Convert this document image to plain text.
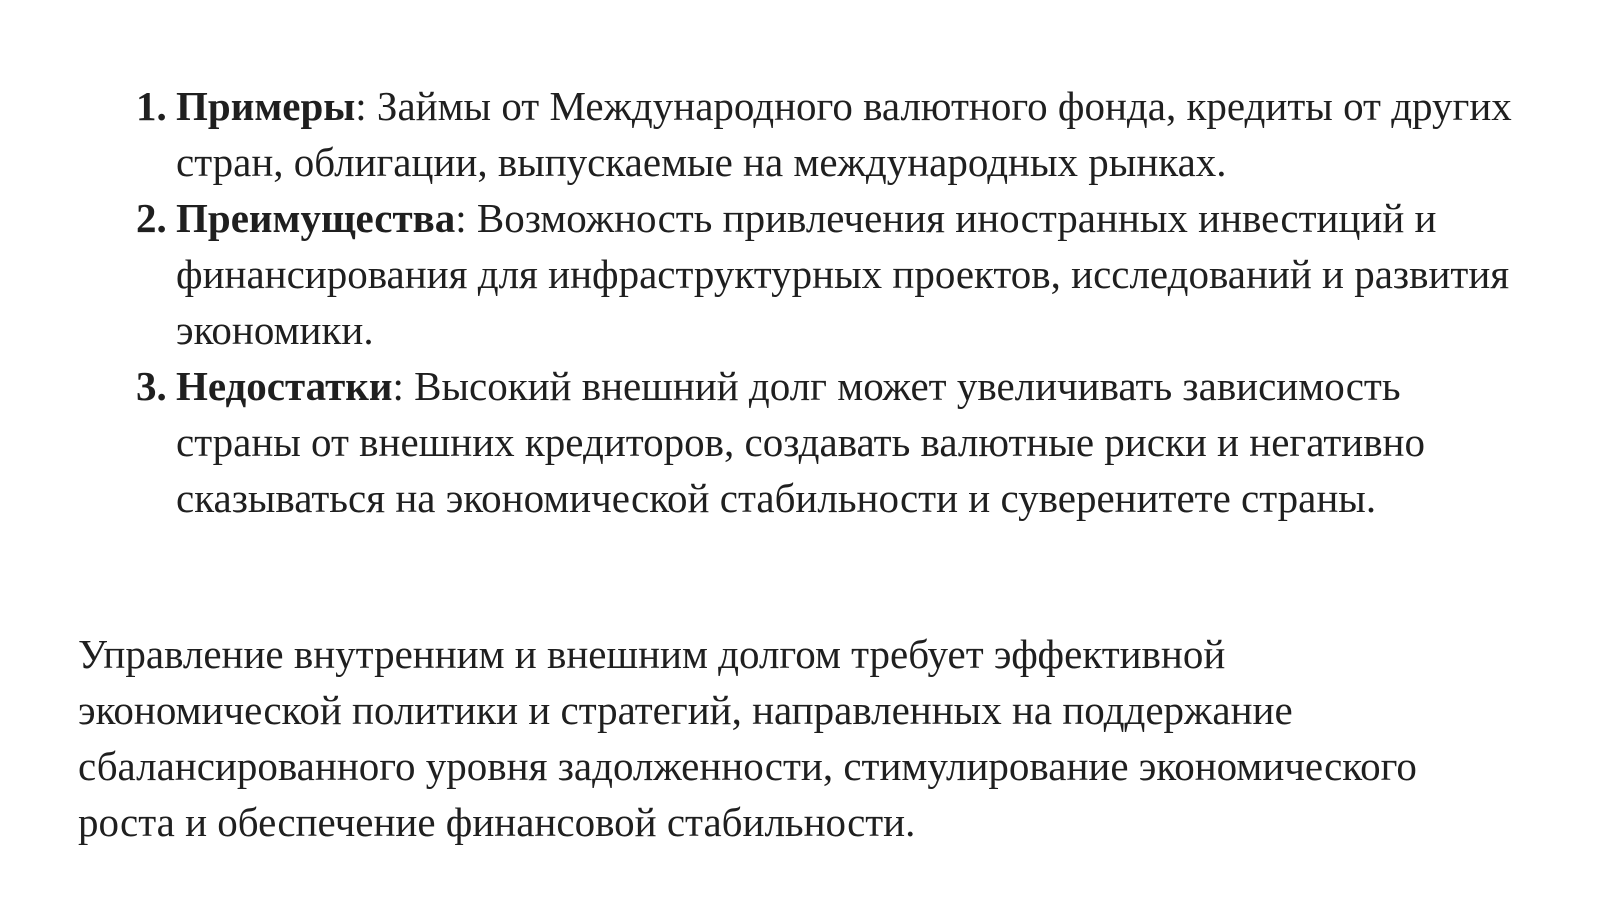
1. Примеры: Займы от Международного валютного фонда, кредиты от других стран, облигации, выпускаемые на международных рынках.
2. Преимущества: Возможность привлечения иностранных инвестиций и финансирования для инфраструктурных проектов, исследований и развития экономики.
3. Недостатки: Высокий внешний долг может увеличивать зависимость страны от внешних кредиторов, создавать валютные риски и негативно сказываться на экономической стабильности и суверенитете страны.

Управление внутренним и внешним долгом требует эффективной экономической политики и стратегий, направленных на поддержание сбалансированного уровня задолженности, стимулирование экономического роста и обеспечение финансовой стабильности.
